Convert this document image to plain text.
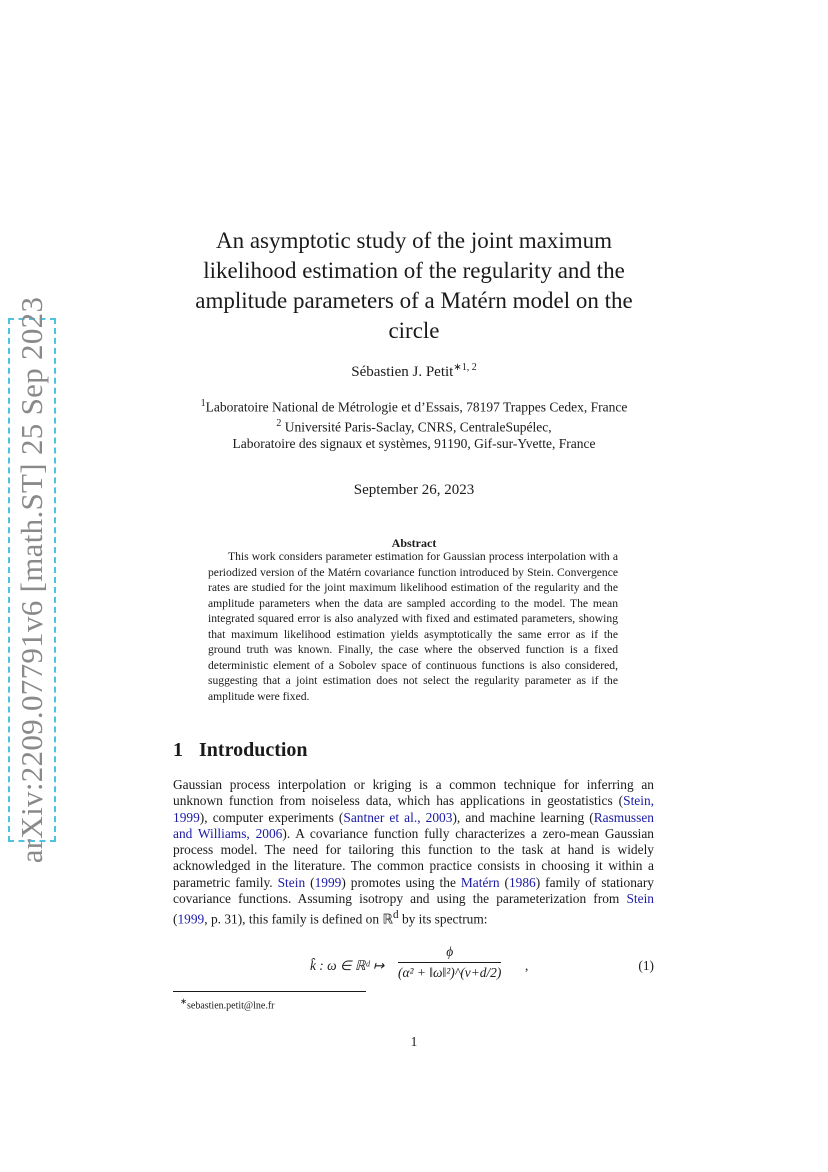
arXiv:2209.07791v6 [math.ST] 25 Sep 2023
An asymptotic study of the joint maximum
likelihood estimation of the regularity and the
amplitude parameters of a Matérn model on the
circle
Sébastien J. Petit$^{∗1, 2}$
$^1$Laboratoire National de Métrologie et d’Essais, 78197 Trappes Cedex, France
$^2$ Université Paris-Saclay, CNRS, CentraleSupélec,
Laboratoire des signaux et systèmes, 91190, Gif-sur-Yvette, France
September 26, 2023
Abstract

This work considers parameter estimation for Gaussian process interpolation with a periodized version of the Matérn covariance function introduced by Stein. Convergence rates are studied for the joint maximum likelihood estimation of the regularity and the amplitude parameters when the data are sampled according to the model. The mean integrated squared error is also analyzed with fixed and estimated parameters, showing that maximum likelihood estimation yields asymptotically the same error as if the ground truth was known. Finally, the case where the observed function is a fixed deterministic element of a Sobolev space of continuous functions is also considered, suggesting that a joint estimation does not select the regularity parameter as if the amplitude were fixed.

1 Introduction

Gaussian process interpolation or kriging is a common technique for inferring an unknown function from noiseless data, which has applications in geostatistics (Stein, 1999), computer experiments (Santner et al., 2003), and machine learning (Rasmussen and Williams, 2006). A covariance function fully characterizes a zero-mean Gaussian process model. The need for tailoring this function to the task at hand is widely acknowledged in the literature. The common practice consists in choosing it within a parametric family. Stein (1999) promotes using the Matérn (1986) family of stationary covariance functions. Assuming isotropy and using the parameterization from Stein (1999, p. 31), this family is defined on ℝ$^d$ by its spectrum:

k̂ : ω ∈ ℝᵈ ↦ $\frac{\phi}{\text{(α² + ‖ω‖²)\textasciicircum{}(ν+d/2)}}$ ,	(1)
∗sebastien.petit@lne.fr
1
